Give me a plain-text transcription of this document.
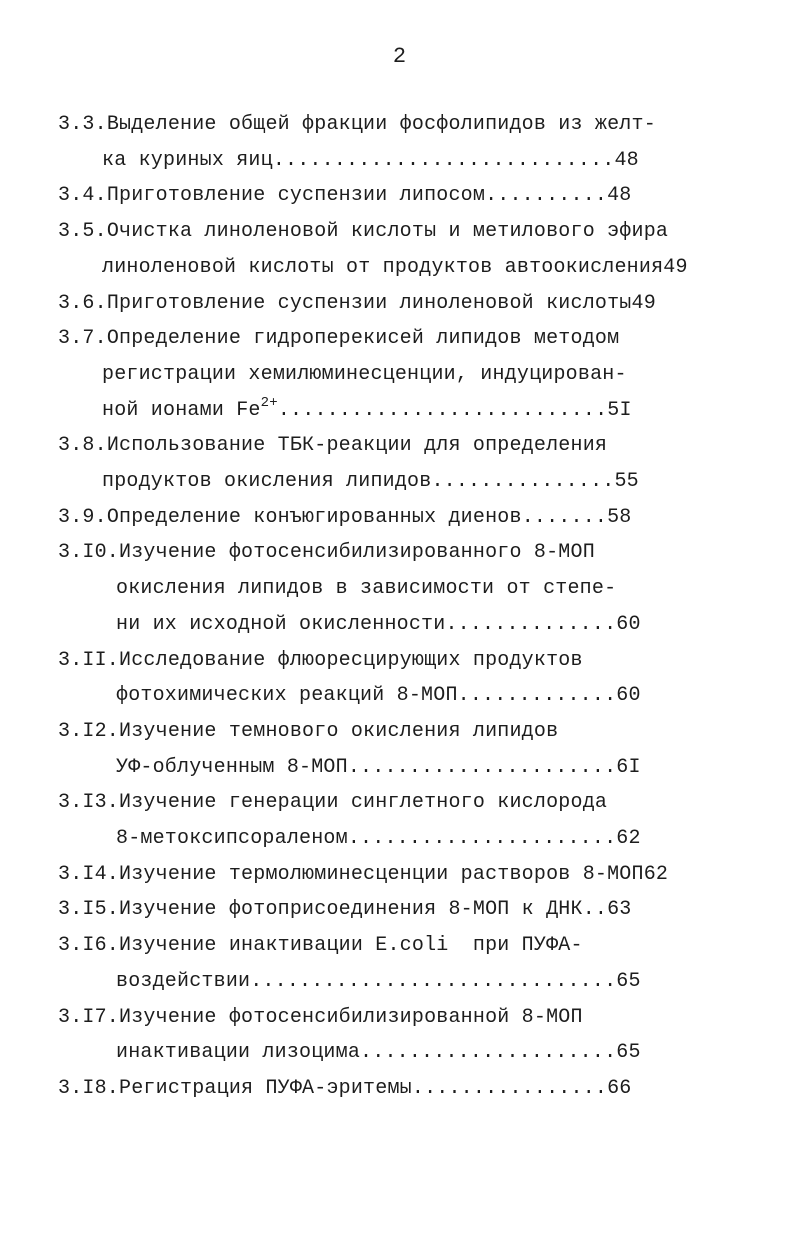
2
3.3.Выделение общей фракции фосфолипидов из желт-
ка куриных яиц............................48
3.4.Приготовление суспензии липосом..........48
3.5.Очистка линоленовой кислоты и метилового эфира
линоленовой кислоты от продуктов автоокисления49
3.6.Приготовление суспензии линоленовой кислоты49
3.7.Определение гидроперекисей липидов методом
регистрации хемилюминесценции, индуцирован-
ной ионами $Fe^{2+}...........................5I$
3.8.Использование ТБК-реакции для определения
продуктов окисления липидов...............55
3.9.Определение конъюгированных диенов.......58
3.I0.Изучение фотосенсибилизированного 8-МОП
окисления липидов в зависимости от степе-
ни их исходной окисленности..............60
3.II.Исследование флюоресцирующих продуктов
фотохимических реакций 8-МОП.............60
3.I2.Изучение темнового окисления липидов
УФ-облученным 8-МОП......................6I
3.I3.Изучение генерации синглетного кислорода
8-метоксипсораленом......................62
3.I4.Изучение термолюминесценции растворов 8-МОП62
3.I5.Изучение фотоприсоединения 8-МОП к ДНК..63
3.I6.Изучение инактивации E.coli  при ПУФА-
воздействии..............................65
3.I7.Изучение фотосенсибилизированной 8-МОП
инактивации лизоцима.....................65
3.I8.Регистрация ПУФА-эритемы................66
